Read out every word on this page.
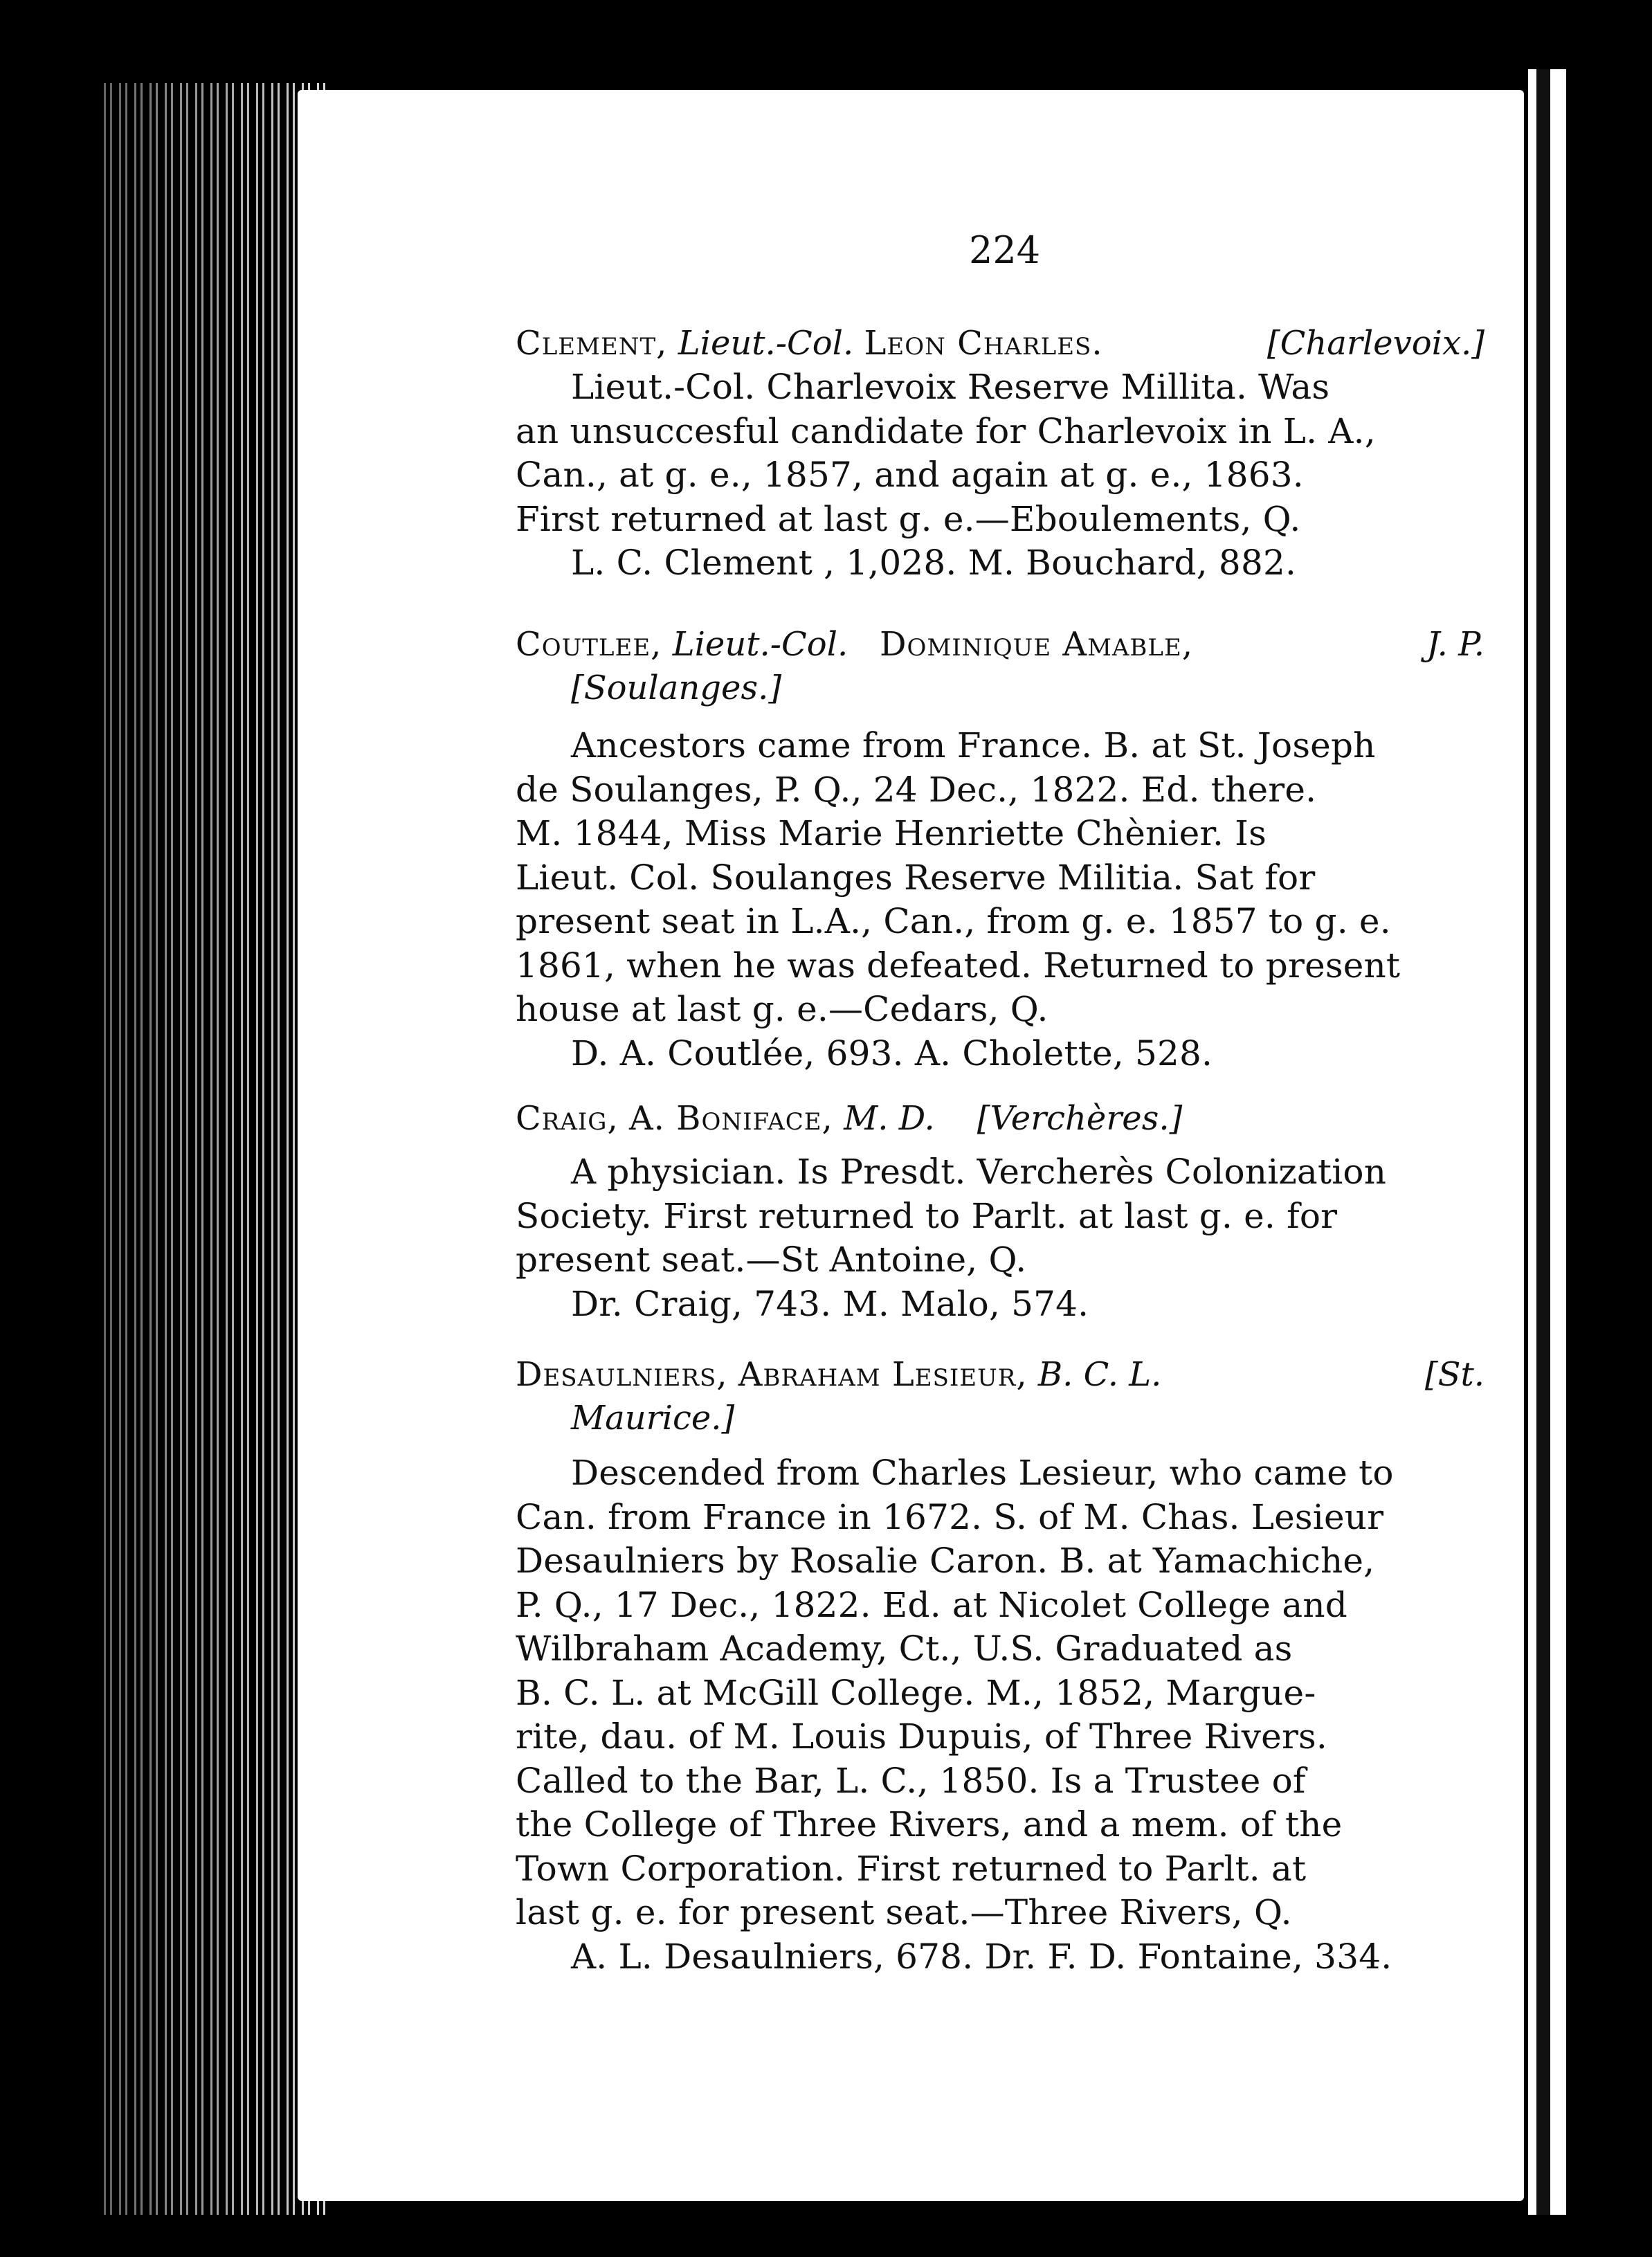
224
Clement, Lieut.-Col. Leon Charles.	[Charlevoix.]
Lieut.-Col. Charlevoix Reserve Millita. Was
an unsuccesful candidate for Charlevoix in L. A.,
Can., at g. e., 1857, and again at g. e., 1863.
First returned at last g. e.—Eboulements, Q.
L. C. Clement , 1,028. M. Bouchard, 882.
Coutlee, Lieut.-Col. Dominique Amable,	J. P.
[Soulanges.]
Ancestors came from France. B. at St. Joseph
de Soulanges, P. Q., 24 Dec., 1822. Ed. there.
M. 1844, Miss Marie Henriette Chènier. Is
Lieut. Col. Soulanges Reserve Militia. Sat for
present seat in L.A., Can., from g. e. 1857 to g. e.
1861, when he was defeated. Returned to present
house at last g. e.—Cedars, Q.
D. A. Coutlée, 693. A. Cholette, 528.
Craig, A. Boniface, M. D. [Verchères.]
A physician. Is Presdt. Vercherès Colonization
Society. First returned to Parlt. at last g. e. for
present seat.—St Antoine, Q.
Dr. Craig, 743. M. Malo, 574.
Desaulniers, Abraham Lesieur, B. C. L.	[St.
Maurice.]
Descended from Charles Lesieur, who came to
Can. from France in 1672. S. of M. Chas. Lesieur
Desaulniers by Rosalie Caron. B. at Yamachiche,
P. Q., 17 Dec., 1822. Ed. at Nicolet College and
Wilbraham Academy, Ct., U.S. Graduated as
B. C. L. at McGill College. M., 1852, Margue-
rite, dau. of M. Louis Dupuis, of Three Rivers.
Called to the Bar, L. C., 1850. Is a Trustee of
the College of Three Rivers, and a mem. of the
Town Corporation. First returned to Parlt. at
last g. e. for present seat.—Three Rivers, Q.
A. L. Desaulniers, 678. Dr. F. D. Fontaine, 334.
